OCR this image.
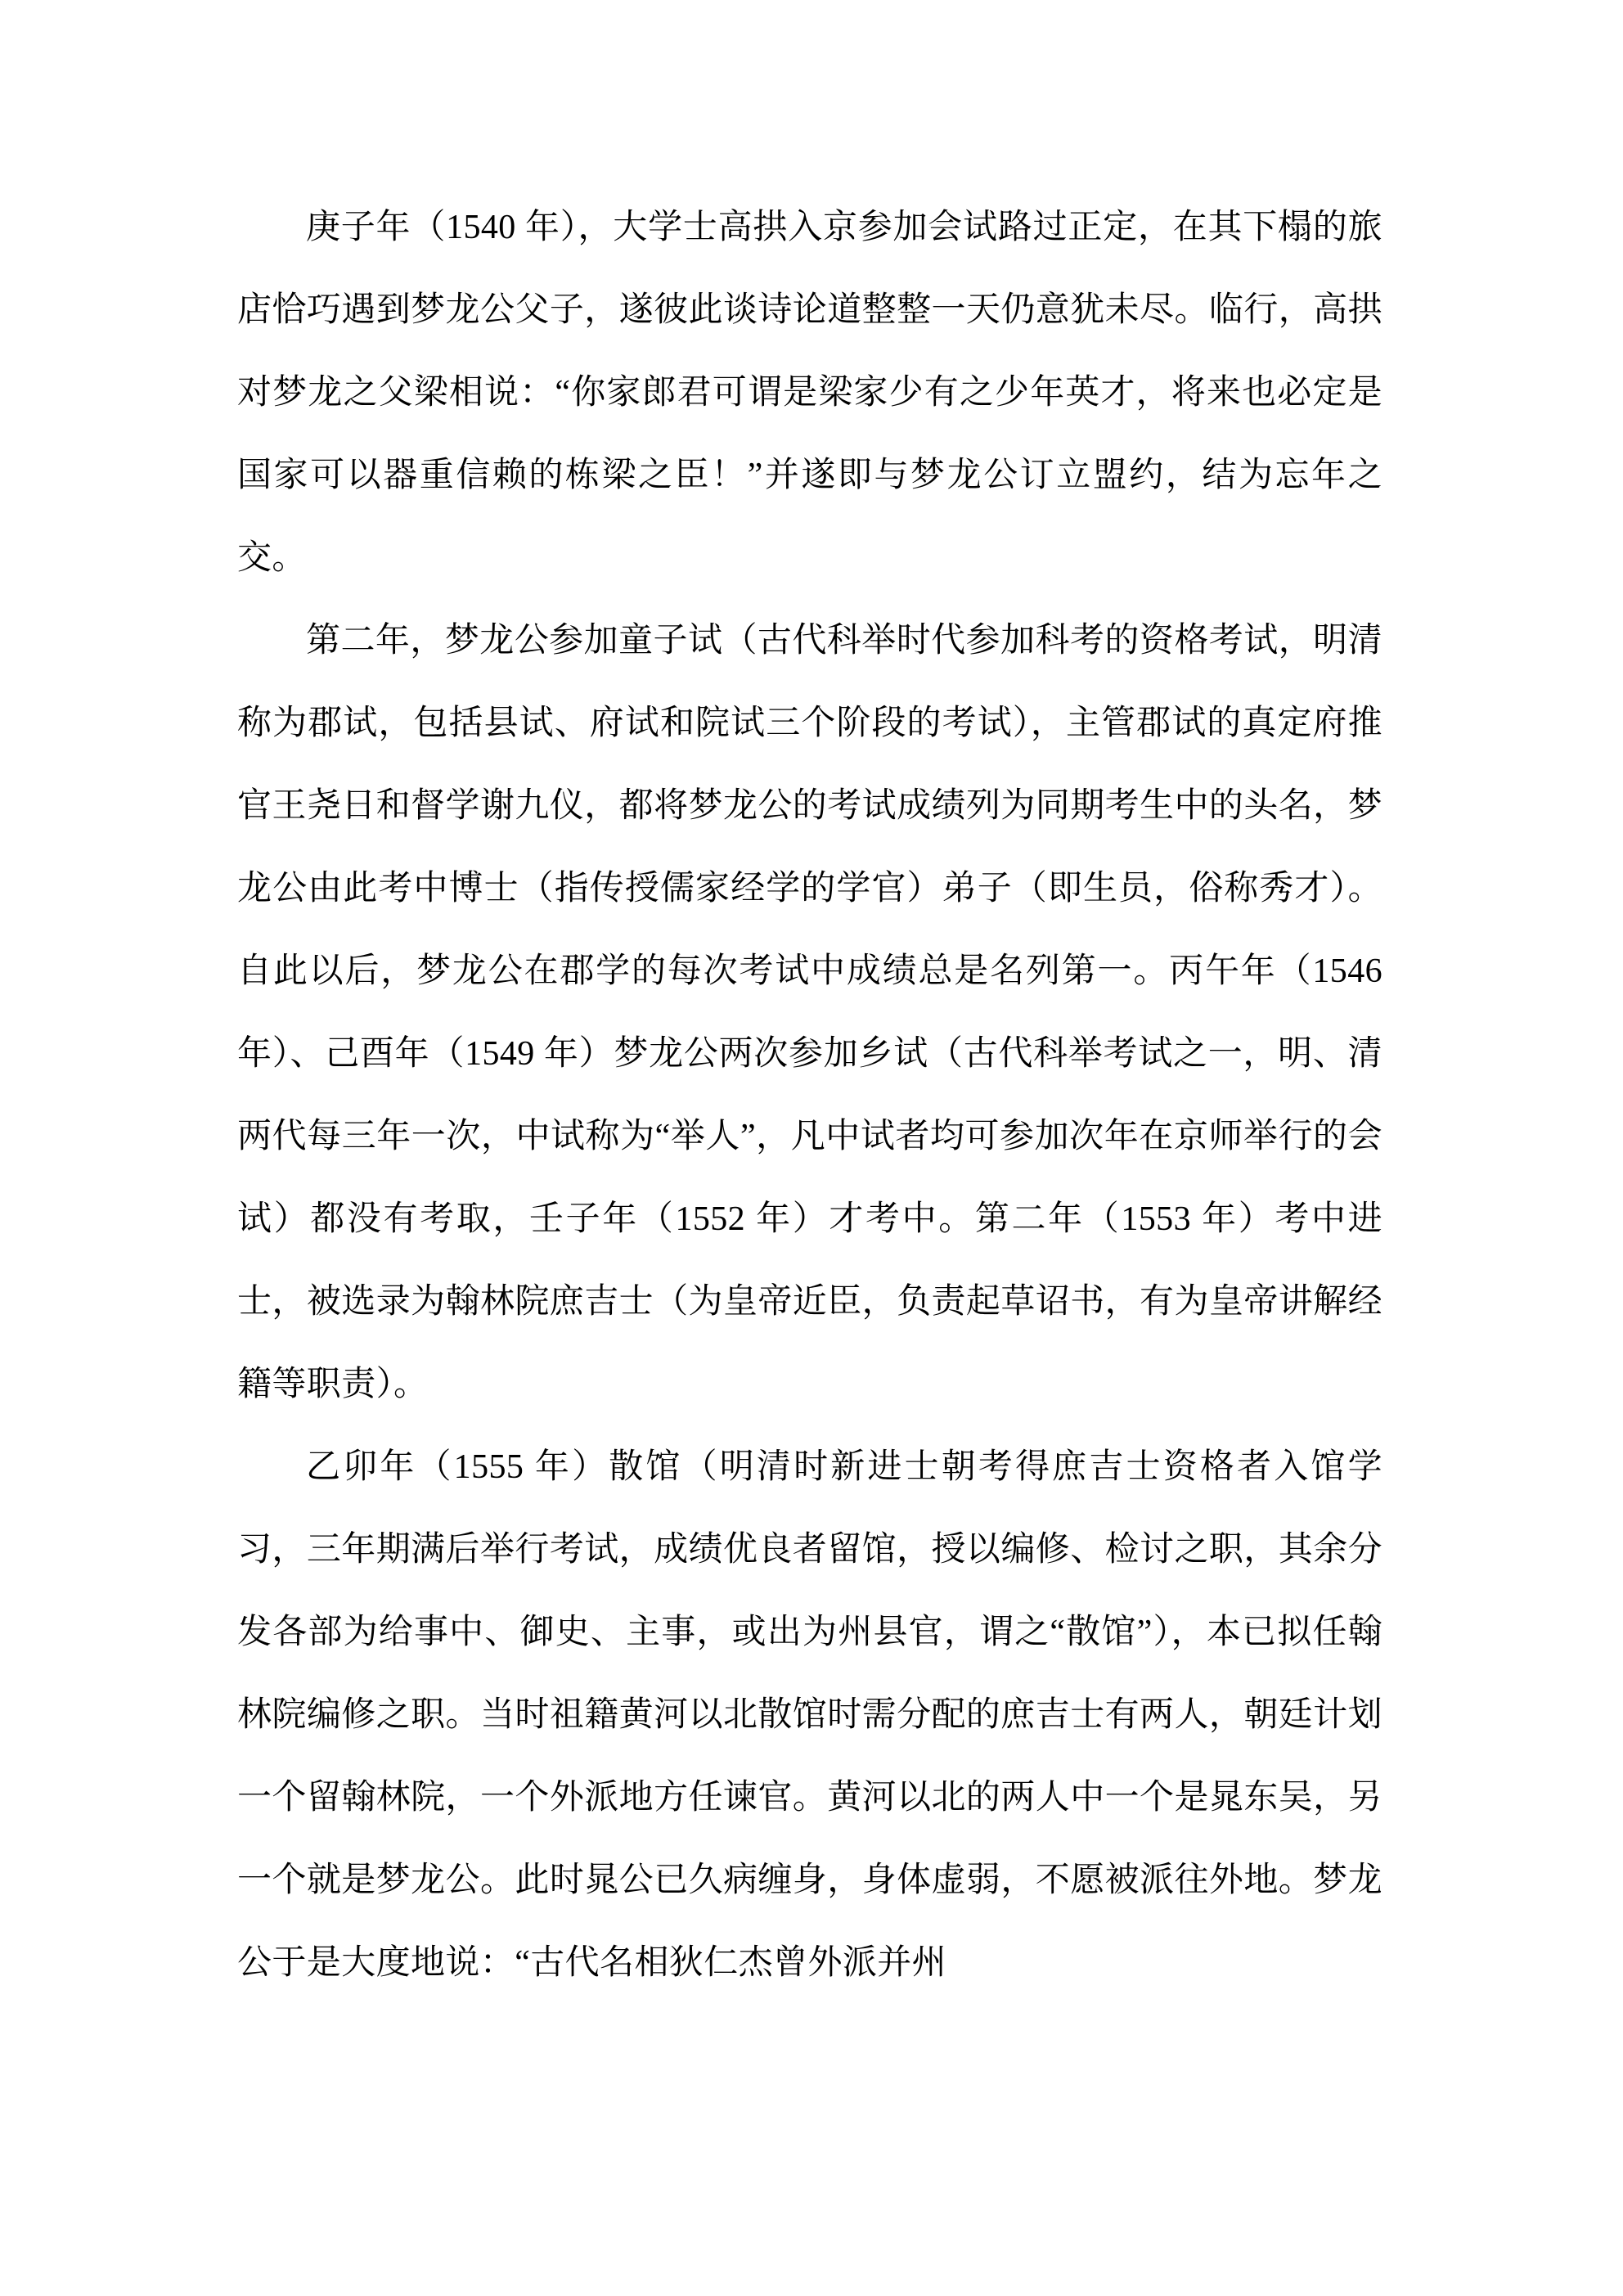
庚子年（1540 年），大学士高拱入京参加会试路过正定，在其下榻的旅店恰巧遇到梦龙公父子，遂彼此谈诗论道整整一天仍意犹未尽。临行，高拱对梦龙之父梁相说：“你家郎君可谓是梁家少有之少年英才，将来也必定是国家可以器重信赖的栋梁之臣！”并遂即与梦龙公订立盟约，结为忘年之交。

第二年，梦龙公参加童子试（古代科举时代参加科考的资格考试，明清称为郡试，包括县试、府试和院试三个阶段的考试），主管郡试的真定府推官王尧日和督学谢九仪，都将梦龙公的考试成绩列为同期考生中的头名，梦龙公由此考中博士（指传授儒家经学的学官）弟子（即生员，俗称秀才）。自此以后，梦龙公在郡学的每次考试中成绩总是名列第一。丙午年（1546 年）、己酉年（1549 年）梦龙公两次参加乡试（古代科举考试之一，明、清两代每三年一次，中试称为“举人”，凡中试者均可参加次年在京师举行的会试）都没有考取，壬子年（1552 年）才考中。第二年（1553 年）考中进士，被选录为翰林院庶吉士（为皇帝近臣，负责起草诏书，有为皇帝讲解经籍等职责）。

乙卯年（1555 年）散馆（明清时新进士朝考得庶吉士资格者入馆学习，三年期满后举行考试，成绩优良者留馆，授以编修、检讨之职，其余分发各部为给事中、御史、主事，或出为州县官，谓之“散馆”），本已拟任翰林院编修之职。当时祖籍黄河以北散馆时需分配的庶吉士有两人，朝廷计划一个留翰林院，一个外派地方任谏官。黄河以北的两人中一个是晁东吴，另一个就是梦龙公。此时晁公已久病缠身，身体虚弱，不愿被派往外地。梦龙公于是大度地说：“古代名相狄仁杰曾外派并州
